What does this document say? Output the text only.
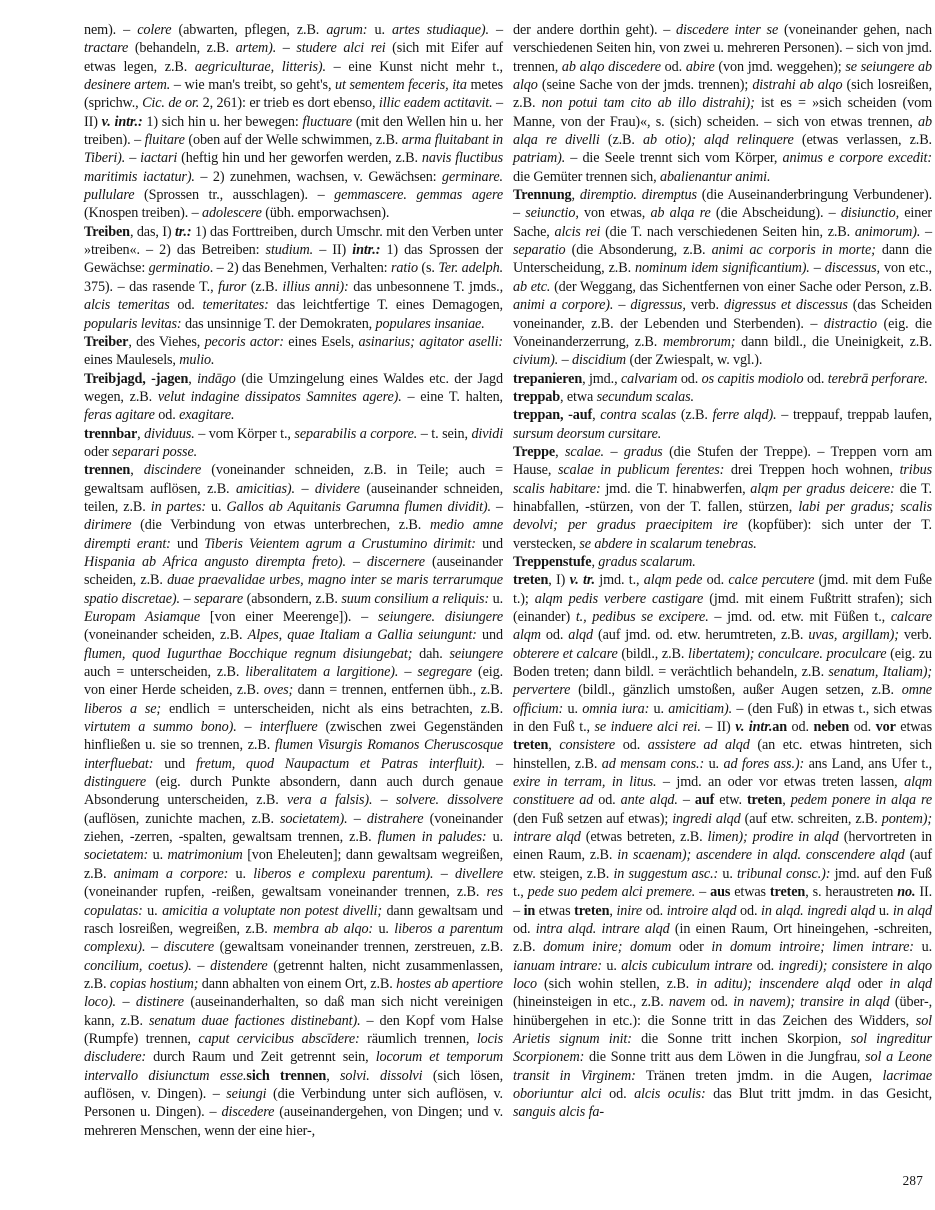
nem). – colere (abwarten, pflegen, z.B. agrum: u. artes studiaque). – tractare (behandeln, z.B. artem). – studere alci rei (sich mit Eifer auf etwas legen, z.B. aegriculturae, litteris). – eine Kunst nicht mehr t., desinere artem. – wie man's treibt, so geht's, ut sementem feceris, ita metes (sprichw., Cic. de or. 2, 261): er trieb es dort ebenso, illic eadem actitavit. – II) v. intr.: 1) sich hin u. her bewegen: fluctuare (mit den Wellen hin u. her treiben). – fluitare (oben auf der Welle schwimmen, z.B. arma fluitabant in Tiberi). – iactari (heftig hin und her geworfen werden, z.B. navis fluctibus maritimis iactatur). – 2) zunehmen, wachsen, v. Gewächsen: germinare. pullulare (Sprossen tr., ausschlagen). – gemmascere. gemmas agere (Knospen treiben). – adolescere (übh. emporwachsen).

Treiben, das, I) tr.: 1) das Forttreiben, durch Umschr. mit den Verben unter »treiben«. – 2) das Betreiben: studium. – II) intr.: 1) das Sprossen der Gewächse: germinatio. – 2) das Benehmen, Verhalten: ratio (s. Ter. adelph. 375). – das rasende T., furor (z.B. illius anni): das unbesonnene T. jmds., alcis temeritas od. temeritates: das leichtfertige T. eines Demagogen, popularis levitas: das unsinnige T. der Demokraten, populares insaniae.

Treiber, des Viehes, pecoris actor: eines Esels, asinarius; agitator aselli: eines Maulesels, mulio.

Treibjagd, -jagen, indāgo (die Umzingelung eines Waldes etc. der Jagd wegen, z.B. velut indagine dissipatos Samnites agere). – eine T. halten, feras agitare od. exagitare.

trennbar, dividuus. – vom Körper t., separabilis a corpore. – t. sein, dividi oder separari posse.

trennen, discindere (voneinander schneiden, z.B. in Teile; auch = gewaltsam auflösen, z.B. amicitias). – dividere (auseinander schneiden, teilen, z.B. in partes: u. Gallos ab Aquitanis Garumna flumen dividit). – dirimere (die Verbindung von etwas unterbrechen, z.B. medio amne dirempti erant: und Tiberis Veientem agrum a Crustumino dirimit: und Hispania ab Africa angusto dirempta freto). – discernere (auseinander scheiden, z.B. duae praevalidae urbes, magno inter se maris terrarumque spatio discretae). – separare (absondern, z.B. suum consilium a reliquis: u. Europam Asiamque [von einer Meerenge]). – seiungere. disiungere (voneinander scheiden, z.B. Alpes, quae Italiam a Gallia seiungunt: und flumen, quod Iugurthae Bocchique regnum disiungebat; dah. seiungere auch = unterscheiden, z.B. liberalitatem a largitione). – segregare (eig. von einer Herde scheiden, z.B. oves; dann = trennen, entfernen übh., z.B. liberos a se; endlich = unterscheiden, nicht als eins betrachten, z.B. virtutem a summo bono). – interfluere (zwischen zwei Gegenständen hinfließen u. sie so trennen, z.B. flumen Visurgis Romanos Cheruscosque interfluebat: und fretum, quod Naupactum et Patras interfluit). – distinguere (eig. durch Punkte absondern, dann auch durch genaue Absonderung unterscheiden, z.B. vera a falsis). – solvere. dissolvere (auflösen, zunichte machen, z.B. societatem). – distrahere (voneinander ziehen, -zerren, -spalten, gewaltsam trennen, z.B. flumen in paludes: u. societatem: u. matrimonium [von Eheleuten]; dann gewaltsam wegreißen, z.B. animam a corpore: u. liberos e complexu parentum). – divellere (voneinander rupfen, -reißen, gewaltsam voneinander trennen, z.B. res copulatas: u. amicitia a voluptate non potest divelli; dann gewaltsam und rasch losreißen, wegreißen, z.B. membra ab alqo: u. liberos a parentum complexu). – discutere (gewaltsam voneinander trennen, zerstreuen, z.B. concilium, coetus). – distendere (getrennt halten, nicht zusammenlassen, z.B. copias hostium; dann abhalten von einem Ort, z.B. hostes ab apertiore loco). – distinere (auseinanderhalten, so daß man sich nicht vereinigen kann, z.B. senatum duae factiones distinebant). – den Kopf vom Halse (Rumpfe) trennen, caput cervicibus abscīdere: räumlich trennen, locis discludere: durch Raum und Zeit getrennt sein, locorum et temporum intervallo disiunctum esse.sich trennen, solvi. dissolvi (sich lösen, auflösen, v. Dingen). – seiungi (die Verbindung unter sich auflösen, v. Personen u. Dingen). – discedere (auseinandergehen, von Dingen; und v. mehreren Menschen, wenn der eine hier-,

der andere dorthin geht). – discedere inter se (voneinander gehen, nach verschiedenen Seiten hin, von zwei u. mehreren Personen). – sich von jmd. trennen, ab alqo discedere od. abire (von jmd. weggehen); se seiungere ab alqo (seine Sache von der jmds. trennen); distrahi ab alqo (sich losreißen, z.B. non potui tam cito ab illo distrahi); ist es = »sich scheiden (vom Manne, von der Frau)«, s. (sich) scheiden. – sich von etwas trennen, ab alqa re divelli (z.B. ab otio); alqd relinquere (etwas verlassen, z.B. patriam). – die Seele trennt sich vom Körper, animus e corpore excedit: die Gemüter trennen sich, abalienantur animi.

Trennung, diremptio. diremptus (die Auseinanderbringung Verbundener). – seiunctio, von etwas, ab alqa re (die Abscheidung). – disiunctio, einer Sache, alcis rei (die T. nach verschiedenen Seiten hin, z.B. animorum). – separatio (die Absonderung, z.B. animi ac corporis in morte; dann die Unterscheidung, z.B. nominum idem significantium). – discessus, von etc., ab etc. (der Weggang, das Sichentfernen von einer Sache oder Person, z.B. animi a corpore). – digressus, verb. digressus et discessus (das Scheiden voneinander, z.B. der Lebenden und Sterbenden). – distractio (eig. die Voneinanderzerrung, z.B. membrorum; dann bildl., die Uneinigkeit, z.B. civium). – discidium (der Zwiespalt, w. vgl.).

trepanieren, jmd., calvariam od. os capitis modiolo od. terebrā perforare.

treppab, etwa secundum scalas.

treppan, -auf, contra scalas (z.B. ferre alqd). – treppauf, treppab laufen, sursum deorsum cursitare.

Treppe, scalae. – gradus (die Stufen der Treppe). – Treppen vorn am Hause, scalae in publicum ferentes: drei Treppen hoch wohnen, tribus scalis habitare: jmd. die T. hinabwerfen, alqm per gradus deicere: die T. hinabfallen, -stürzen, von der T. fallen, stürzen, labi per gradus; scalis devolvi; per gradus praecipitem ire (kopfüber): sich unter der T. verstecken, se abdere in scalarum tenebras.

Treppenstufe, gradus scalarum.

treten, I) v. tr. jmd. t., alqm pede od. calce percutere (jmd. mit dem Fuße t.); alqm pedis verbere castigare (jmd. mit einem Fußtritt strafen); sich (einander) t., pedibus se excipere. – jmd. od. etw. mit Füßen t., calcare alqm od. alqd (auf jmd. od. etw. herumtreten, z.B. uvas, argillam); verb. obterere et calcare (bildl., z.B. libertatem); conculcare. proculcare (eig. zu Boden treten; dann bildl. = verächtlich behandeln, z.B. senatum, Italiam); pervertere (bildl., gänzlich umstoßen, außer Augen setzen, z.B. omne officium: u. omnia iura: u. amicitiam). – (den Fuß) in etwas t., sich etwas in den Fuß t., se induere alci rei. – II) v. intr.an od. neben od. vor etwas treten, consistere od. assistere ad alqd (an etc. etwas hintreten, sich hinstellen, z.B. ad mensam cons.: u. ad fores ass.): ans Land, ans Ufer t., exire in terram, in litus. – jmd. an oder vor etwas treten lassen, alqm constituere ad od. ante alqd. – auf etw. treten, pedem ponere in alqa re (den Fuß setzen auf etwas); ingredi alqd (auf etw. schreiten, z.B. pontem); intrare alqd (etwas betreten, z.B. limen); prodire in alqd (hervortreten in einen Raum, z.B. in scaenam); ascendere in alqd. conscendere alqd (auf etw. steigen, z.B. in suggestum asc.: u. tribunal consc.): jmd. auf den Fuß t., pede suo pedem alci premere. – aus etwas treten, s. heraustreten no. II. – in etwas treten, inire od. introire alqd od. in alqd. ingredi alqd u. in alqd od. intra alqd. intrare alqd (in einen Raum, Ort hineingehen, -schreiten, z.B. domum inire; domum oder in domum introire; limen intrare: u. ianuam intrare: u. alcis cubiculum intrare od. ingredi); consistere in alqo loco (sich wohin stellen, z.B. in aditu); inscendere alqd oder in alqd (hineinsteigen in etc., z.B. navem od. in navem); transire in alqd (über-, hinübergehen in etc.): die Sonne tritt in das Zeichen des Widders, sol Arietis signum init: die Sonne tritt inchen Skorpion, sol ingreditur Scorpionem: die Sonne tritt aus dem Löwen in die Jungfrau, sol a Leone transit in Virginem: Tränen treten jmdm. in die Augen, lacrimae oboriuntur alci od. alcis oculis: das Blut tritt jmdm. in das Gesicht, sanguis alcis fa-

287
